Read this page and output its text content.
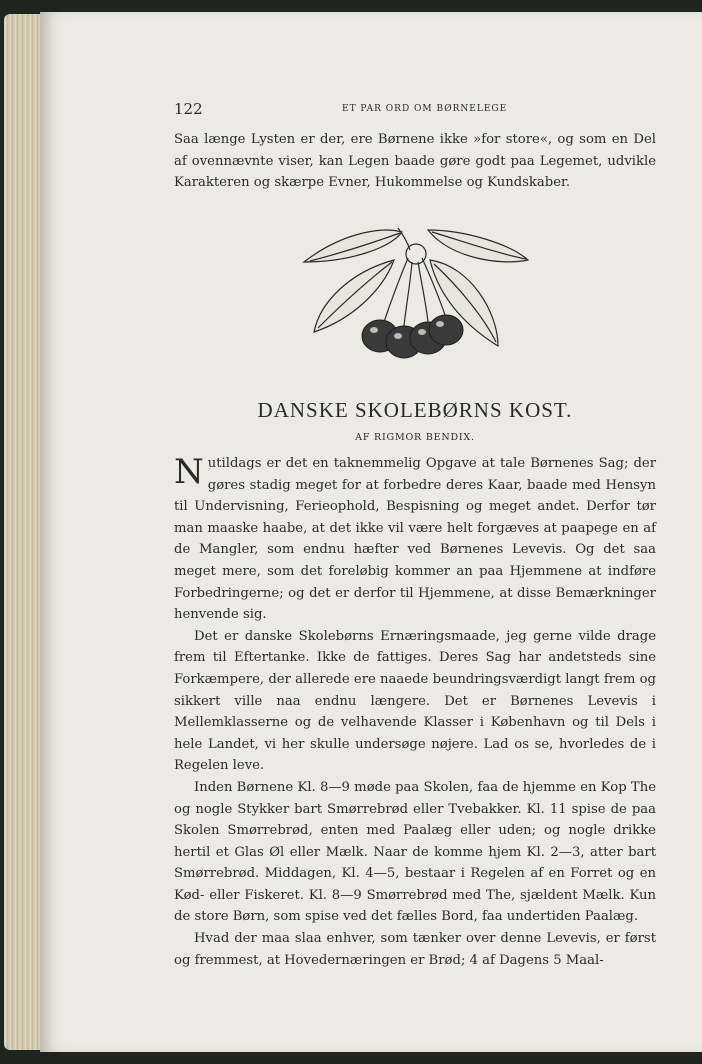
122	ET PAR ORD OM BØRNELEGE

Saa længe Lysten er der, ere Børnene ikke »for store«, og som en Del af ovennævnte viser, kan Legen baade gøre godt paa Legemet, udvikle Karakteren og skærpe Evner, Hukommelse og Kundskaber.

DANSKE SKOLEBØRNS KOST.
AF RIGMOR BENDIX.

Nutildags er det en taknemmelig Opgave at tale Børnenes Sag; der gøres stadig meget for at forbedre deres Kaar, baade med Hensyn til Undervisning, Ferieophold, Bespisning og meget andet. Derfor tør man maaske haabe, at det ikke vil være helt forgæves at paapege en af de Mangler, som endnu hæfter ved Børnenes Levevis. Og det saa meget mere, som det foreløbig kommer an paa Hjemmene at indføre Forbedringerne; og det er derfor til Hjemmene, at disse Bemærkninger henvende sig.

Det er danske Skolebørns Ernæringsmaade, jeg gerne vilde drage frem til Eftertanke. Ikke de fattiges. Deres Sag har andetsteds sine Forkæmpere, der allerede ere naaede beundringsværdigt langt frem og sikkert ville naa endnu længere. Det er Børnenes Levevis i Mellemklasserne og de velhavende Klasser i København og til Dels i hele Landet, vi her skulle undersøge nøjere. Lad os se, hvorledes de i Regelen leve.

Inden Børnene Kl. 8—9 møde paa Skolen, faa de hjemme en Kop The og nogle Stykker bart Smørrebrød eller Tvebakker. Kl. 11 spise de paa Skolen Smørrebrød, enten med Paalæg eller uden; og nogle drikke hertil et Glas Øl eller Mælk. Naar de komme hjem Kl. 2—3, atter bart Smørrebrød. Middagen, Kl. 4—5, bestaar i Regelen af en Forret og en Kød- eller Fiskeret. Kl. 8—9 Smørrebrød med The, sjældent Mælk. Kun de store Børn, som spise ved det fælles Bord, faa undertiden Paalæg.

Hvad der maa slaa enhver, som tænker over denne Levevis, er først og fremmest, at Hovedernæringen er Brød; 4 af Dagens 5 Maal-
